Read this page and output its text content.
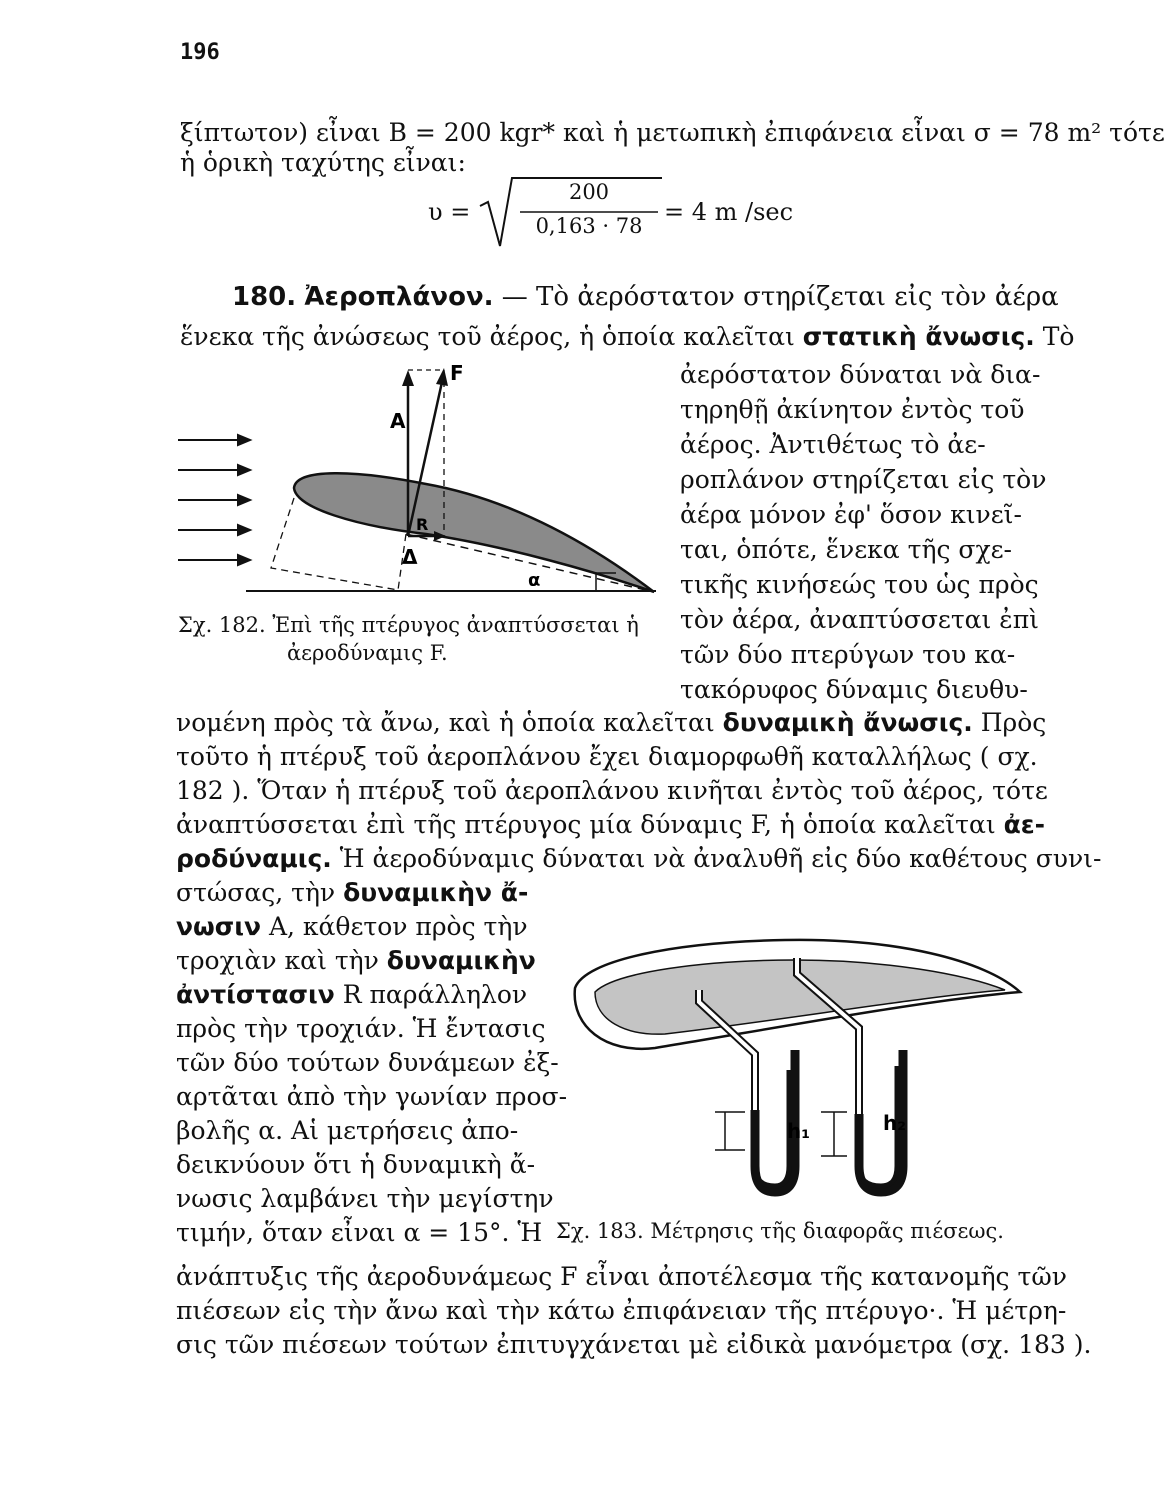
196
ξίπτωτον) εἶναι Β = 200 kgr* καὶ ἡ μετωπικὴ ἐπιφάνεια εἶναι σ = 78 m² τότε
ἡ ὁρικὴ ταχύτης εἶναι:
υ =
200
0,163 · 78 = 4 m /sec
180. Ἀεροπλάνον. — Τὸ ἀερόστατον στηρίζεται εἰς τὸν ἀέρα
ἕνεκα τῆς ἀνώσεως τοῦ ἀέρος, ἡ ὁποία καλεῖται στατικὴ ἄνωσις. Τὸ
F
A
R
Δ
α
Σχ. 182. Ἐπὶ τῆς πτέρυγος ἀναπτύσσεται ἡ
ἀεροδύναμις F.
ἀερόστατον δύναται νὰ δια-
τηρηθῇ ἀκίνητον ἐντὸς τοῦ
ἀέρος. Ἀντιθέτως τὸ ἀε-
ροπλάνον στηρίζεται εἰς τὸν
ἀέρα μόνον ἐφ' ὅσον κινεῖ-
ται, ὁπότε, ἕνεκα τῆς σχε-
τικῆς κινήσεώς του ὡς πρὸς
τὸν ἀέρα, ἀναπτύσσεται ἐπὶ
τῶν δύο πτερύγων του κα-
τακόρυφος δύναμις διευθυ-
νομένη πρὸς τὰ ἄνω, καὶ ἡ ὁποία καλεῖται δυναμικὴ ἄνωσις. Πρὸς
τοῦτο ἡ πτέρυξ τοῦ ἀεροπλάνου ἔχει διαμορφωθῆ καταλλήλως ( σχ.
182 ). Ὅταν ἡ πτέρυξ τοῦ ἀεροπλάνου κινῆται ἐντὸς τοῦ ἀέρος, τότε
ἀναπτύσσεται ἐπὶ τῆς πτέρυγος μία δύναμις F, ἡ ὁποία καλεῖται ἀε-
ροδύναμις. Ἡ ἀεροδύναμις δύναται νὰ ἀναλυθῆ εἰς δύο καθέτους συνι-
στώσας, τὴν δυναμικὴν ἄ-
νωσιν Α, κάθετον πρὸς τὴν
τροχιὰν καὶ τὴν δυναμικὴν
ἀντίστασιν R παράλληλον
πρὸς τὴν τροχιάν. Ἡ ἔντασις
τῶν δύο τούτων δυνάμεων ἐξ-
αρτᾶται ἀπὸ τὴν γωνίαν προσ-
βολῆς α. Αἱ μετρήσεις ἀπο-
δεικνύουν ὅτι ἡ δυναμικὴ ἄ-
νωσις λαμβάνει τὴν μεγίστην
τιμήν, ὅταν εἶναι α = 15°. Ἡ
h₁	h₂
Σχ. 183. Μέτρησις τῆς διαφορᾶς πιέσεως.
ἀνάπτυξις τῆς ἀεροδυνάμεως F εἶναι ἀποτέλεσμα τῆς κατανομῆς τῶν
πιέσεων εἰς τὴν ἄνω καὶ τὴν κάτω ἐπιφάνειαν τῆς πτέρυγο·. Ἡ μέτρη-
σις τῶν πιέσεων τούτων ἐπιτυγχάνεται μὲ εἰδικὰ μανόμετρα (σχ. 183 ).
